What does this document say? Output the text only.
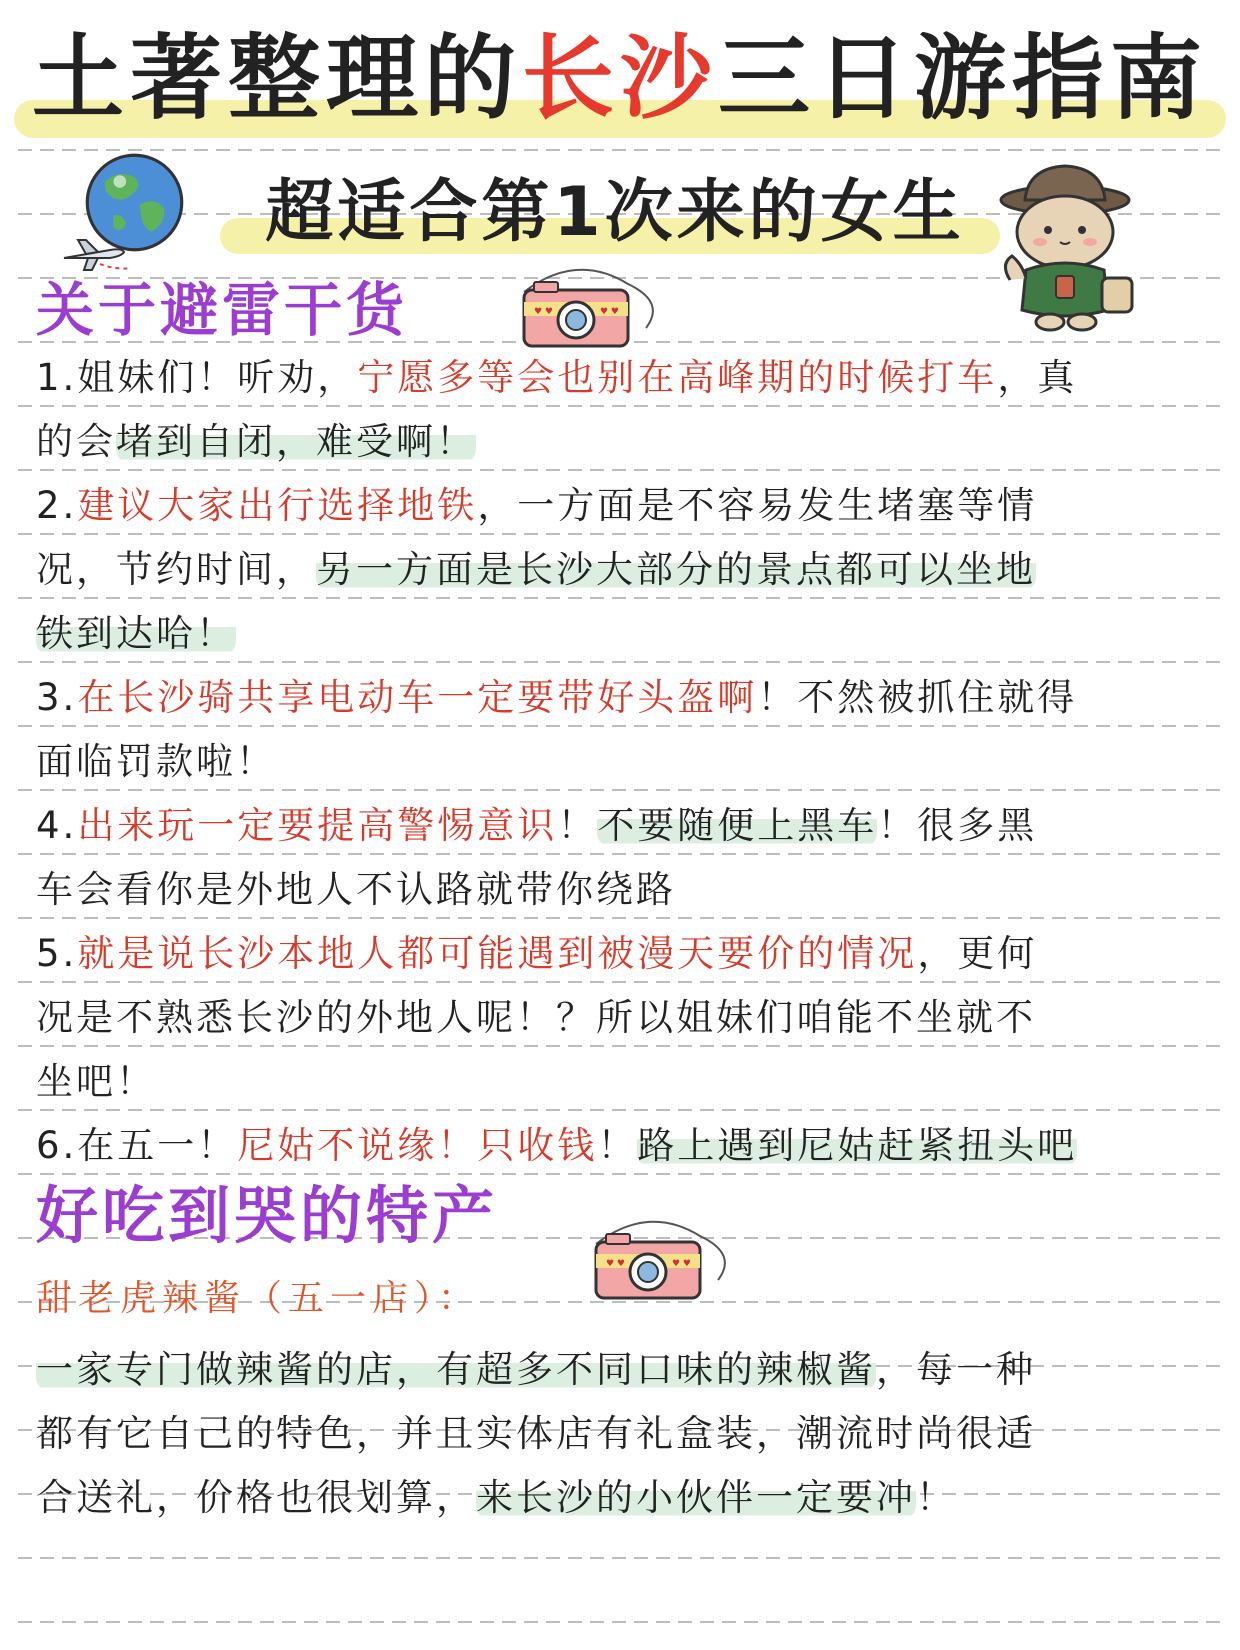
土著整理的长沙三日游指南
超适合第1次来的女生
关于避雷干货	♥ ♥	♥ ♥
1.姐妹们！听劝，宁愿多等会也别在高峰期的时候打车，真
的会堵到自闭，难受啊！
2.建议大家出行选择地铁，一方面是不容易发生堵塞等情
况，节约时间，另一方面是长沙大部分的景点都可以坐地
铁到达哈！
3.在长沙骑共享电动车一定要带好头盔啊！不然被抓住就得
面临罚款啦！
4.出来玩一定要提高警惕意识！不要随便上黑车！很多黑
车会看你是外地人不认路就带你绕路
5.就是说长沙本地人都可能遇到被漫天要价的情况，更何
况是不熟悉长沙的外地人呢！？所以姐妹们咱能不坐就不
坐吧！
6.在五一！尼姑不说缘！只收钱！路上遇到尼姑赶紧扭头吧
好吃到哭的特产
♥ ♥	♥ ♥
甜老虎辣酱（五一店）：
一家专门做辣酱的店，有超多不同口味的辣椒酱，每一种
都有它自己的特色，并且实体店有礼盒装，潮流时尚很适
合送礼，价格也很划算，来长沙的小伙伴一定要冲！
